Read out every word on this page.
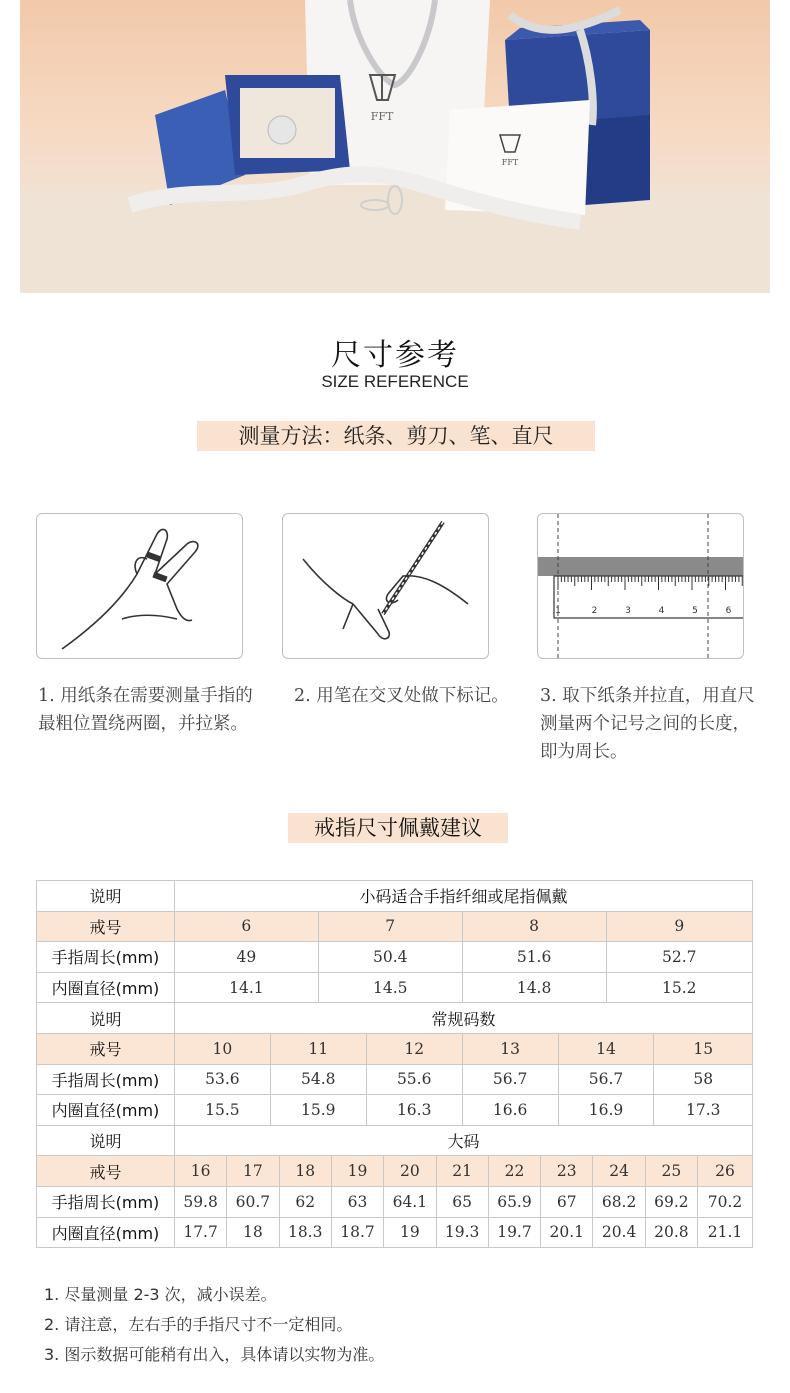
FFT
FFT
尺寸参考
SIZE REFERENCE
测量方法：纸条、剪刀、笔、直尺
1. 用纸条在需要测量手指的最粗位置绕两圈，并拉紧。
2. 用笔在交叉处做下标记。
1	2	3	4	5	6
3. 取下纸条并拉直，用直尺测量两个记号之间的长度，即为周长。
戒指尺寸佩戴建议
说明	小码适合手指纤细或尾指佩戴																	
戒号	6				7					8					9			
手指周长(mm)	49				50.4					51.6					52.7			
内圈直径(mm)	14.1				14.5					14.8					15.2			
说明	常规码数																	
戒号	10		11				12			13			14				15	
手指周长(mm)	53.6		54.8				55.6			56.7			56.7				58	
内圈直径(mm)	15.5		15.9				16.3			16.6			16.9				17.3	
说明	大码																	
戒号	16	17		18		19		20	21		22	23		24		25		26
手指周长(mm)	59.8	60.7		62		63		64.1	65		65.9	67		68.2		69.2		70.2
内圈直径(mm)	17.7	18		18.3		18.7		19	19.3		19.7	20.1		20.4		20.8		21.1
1. 尽量测量 2-3 次，减小误差。
2. 请注意，左右手的手指尺寸不一定相同。
3. 图示数据可能稍有出入，具体请以实物为准。
